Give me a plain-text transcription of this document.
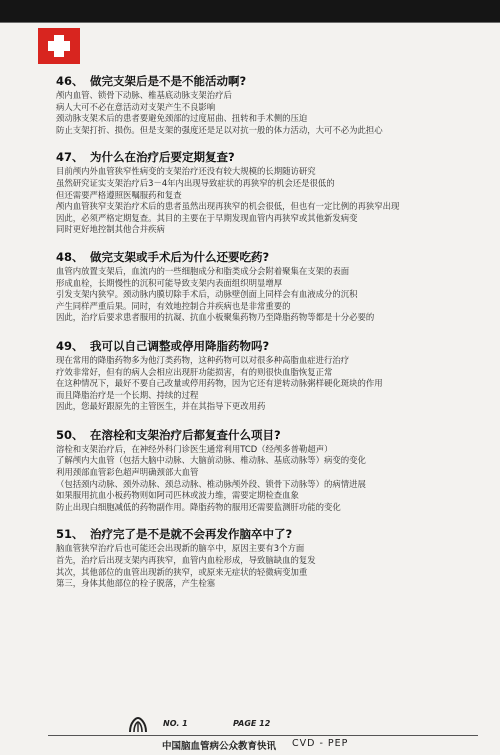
46、 做完支架后是不是不能活动啊?
颅内血管、锁骨下动脉、椎基底动脉支架治疗后
病人大可不必在意活动对支架产生不良影响
颈动脉支架术后的患者要避免颈部的过度屈曲、扭转和手术侧的压迫
防止支架打折、损伤。但是支架的强度还是足以对抗一般的体力活动，大可不必为此担心
47、 为什么在治疗后要定期复查?
目前颅内外血管狭窄性病变的支架治疗还没有较大规模的长期随访研究
虽然研究证实支架治疗后3－4年内出现导致症状的再狭窄的机会还是很低的
但还需要严格遵照医嘱服药和复查
颅内血管狭窄支架治疗术后的患者虽然出现再狭窄的机会很低，但也有一定比例的再狭窄出现
因此，必须严格定期复查。其目的主要在于早期发现血管内再狭窄或其他新发病变
同时更好地控制其他合并疾病
48、 做完支架或手术后为什么还要吃药?
血管内放置支架后，血流内的一些细胞成分和脂类成分会附着聚集在支架的表面
形成血栓，长期慢性的沉积可能导致支架内表面组织明显增厚
引发支架内狭窄。颈动脉内膜切除手术后，动脉壁创面上同样会有血液成分的沉积
产生同样严重后果。同时，有效地控制合并疾病也是非常重要的
因此，治疗后要求患者服用的抗凝、抗血小板聚集药物乃至降脂药物等都是十分必要的
49、 我可以自己调整或停用降脂药物吗?
现在常用的降脂药物多为他汀类药物，这种药物可以对很多种高脂血症进行治疗
疗效非常好，但有的病人会相应出现肝功能损害，有的则很快血脂恢复正常
在这种情况下，最好不要自己改量或停用药物，因为它还有逆转动脉粥样硬化斑块的作用
而且降脂治疗是一个长期、持续的过程
因此，您最好跟原先的主管医生，并在其指导下更改用药
50、 在溶栓和支架治疗后都复查什么项目?
溶栓和支架治疗后，在神经外科门诊医生通常利用TCD（经颅多普勒超声）
了解颅内大血管（包括大脑中动脉、大脑前动脉、椎动脉、基底动脉等）病变的变化
利用颈部血管彩色超声明确颈部大血管
（包括颈内动脉、颈外动脉、颈总动脉、椎动脉颅外段、锁骨下动脉等）的病情进展
如果服用抗血小板药物则如阿司匹林或波力维，需要定期检查血象
防止出现白细胞减低的药物副作用。降脂药物的服用还需要监测肝功能的变化
51、 治疗完了是不是就不会再发作脑卒中了?
脑血管狭窄治疗后也可能还会出现新的脑卒中，原因主要有3个方面
首先，治疗后出现支架内再狭窄，血管内血栓形成，导致脑缺血的复发
其次，其他部位的血管出现新的狭窄，或原来无症状的轻微病变加重
第三，身体其他部位的栓子脱落，产生栓塞
NO. 1	PAGE 12
中国脑血管病公众教育快讯 CVD - PEP
